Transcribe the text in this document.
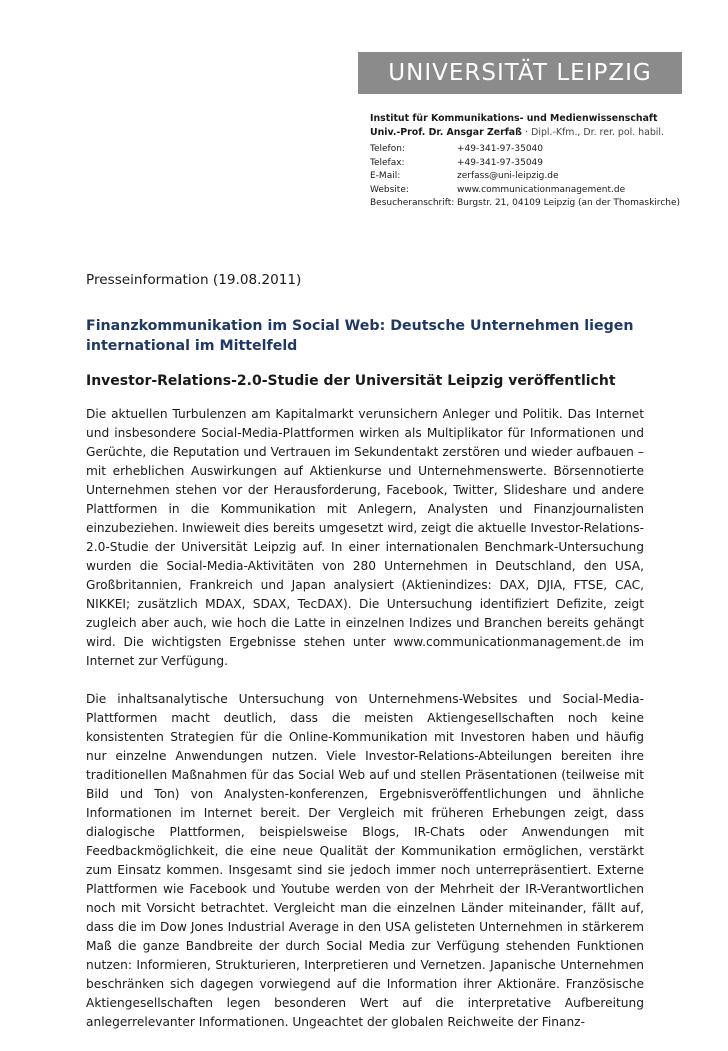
UNIVERSITÄT LEIPZIG
Institut für Kommunikations- und Medienwissenschaft
Univ.-Prof. Dr. Ansgar Zerfaß · Dipl.-Kfm., Dr. rer. pol. habil.
Telefon:	+49-341-97-35040
Telefax:	+49-341-97-35049
E-Mail:	zerfass@uni-leipzig.de
Website:	www.communicationmanagement.de
Besucheranschrift: Burgstr. 21, 04109 Leipzig (an der Thomaskirche)
Presseinformation (19.08.2011)
Finanzkommunikation im Social Web: Deutsche Unternehmen liegen international im Mittelfeld
Investor-Relations-2.0-Studie der Universität Leipzig veröffentlicht

Die aktuellen Turbulenzen am Kapitalmarkt verunsichern Anleger und Politik. Das Internet und insbesondere Social-Media-Plattformen wirken als Multiplikator für Informationen und Gerüchte, die Reputation und Vertrauen im Sekundentakt zerstören und wieder aufbauen – mit erheblichen Auswirkungen auf Aktienkurse und Unternehmenswerte. Börsennotierte Unternehmen stehen vor der Herausforderung, Facebook, Twitter, Slideshare und andere Plattformen in die Kommunikation mit Anlegern, Analysten und Finanzjournalisten einzubeziehen. Inwieweit dies bereits umgesetzt wird, zeigt die aktuelle Investor-Relations-2.0-Studie der Universität Leipzig auf. In einer internationalen Benchmark-Untersuchung wurden die Social-Media-Aktivitäten von 280 Unternehmen in Deutschland, den USA, Großbritannien, Frankreich und Japan analysiert (Aktienindizes: DAX, DJIA, FTSE, CAC, NIKKEI; zusätzlich MDAX, SDAX, TecDAX). Die Untersuchung identifiziert Defizite, zeigt zugleich aber auch, wie hoch die Latte in einzelnen Indizes und Branchen bereits gehängt wird. Die wichtigsten Ergebnisse stehen unter www.communicationmanagement.de im Internet zur Verfügung.

Die inhaltsanalytische Untersuchung von Unternehmens-Websites und Social-Media-Plattformen macht deutlich, dass die meisten Aktiengesellschaften noch keine konsistenten Strategien für die Online-Kommunikation mit Investoren haben und häufig nur einzelne Anwendungen nutzen. Viele Investor-Relations-Abteilungen bereiten ihre traditionellen Maßnahmen für das Social Web auf und stellen Präsentationen (teilweise mit Bild und Ton) von Analysten-konferenzen, Ergebnisveröffentlichungen und ähnliche Informationen im Internet bereit. Der Vergleich mit früheren Erhebungen zeigt, dass dialogische Plattformen, beispielsweise Blogs, IR-Chats oder Anwendungen mit Feedbackmöglichkeit, die eine neue Qualität der Kommunikation ermöglichen, verstärkt zum Einsatz kommen. Insgesamt sind sie jedoch immer noch unterrepräsentiert. Externe Plattformen wie Facebook und Youtube werden von der Mehrheit der IR-Verantwortlichen noch mit Vorsicht betrachtet. Vergleicht man die einzelnen Länder miteinander, fällt auf, dass die im Dow Jones Industrial Average in den USA gelisteten Unternehmen in stärkerem Maß die ganze Bandbreite der durch Social Media zur Verfügung stehenden Funktionen nutzen: Informieren, Strukturieren, Interpretieren und Vernetzen. Japanische Unternehmen beschränken sich dagegen vorwiegend auf die Information ihrer Aktionäre. Französische Aktiengesellschaften legen besonderen Wert auf die interpretative Aufbereitung anlegerrelevanter Informationen. Ungeachtet der globalen Reichweite der Finanz-
